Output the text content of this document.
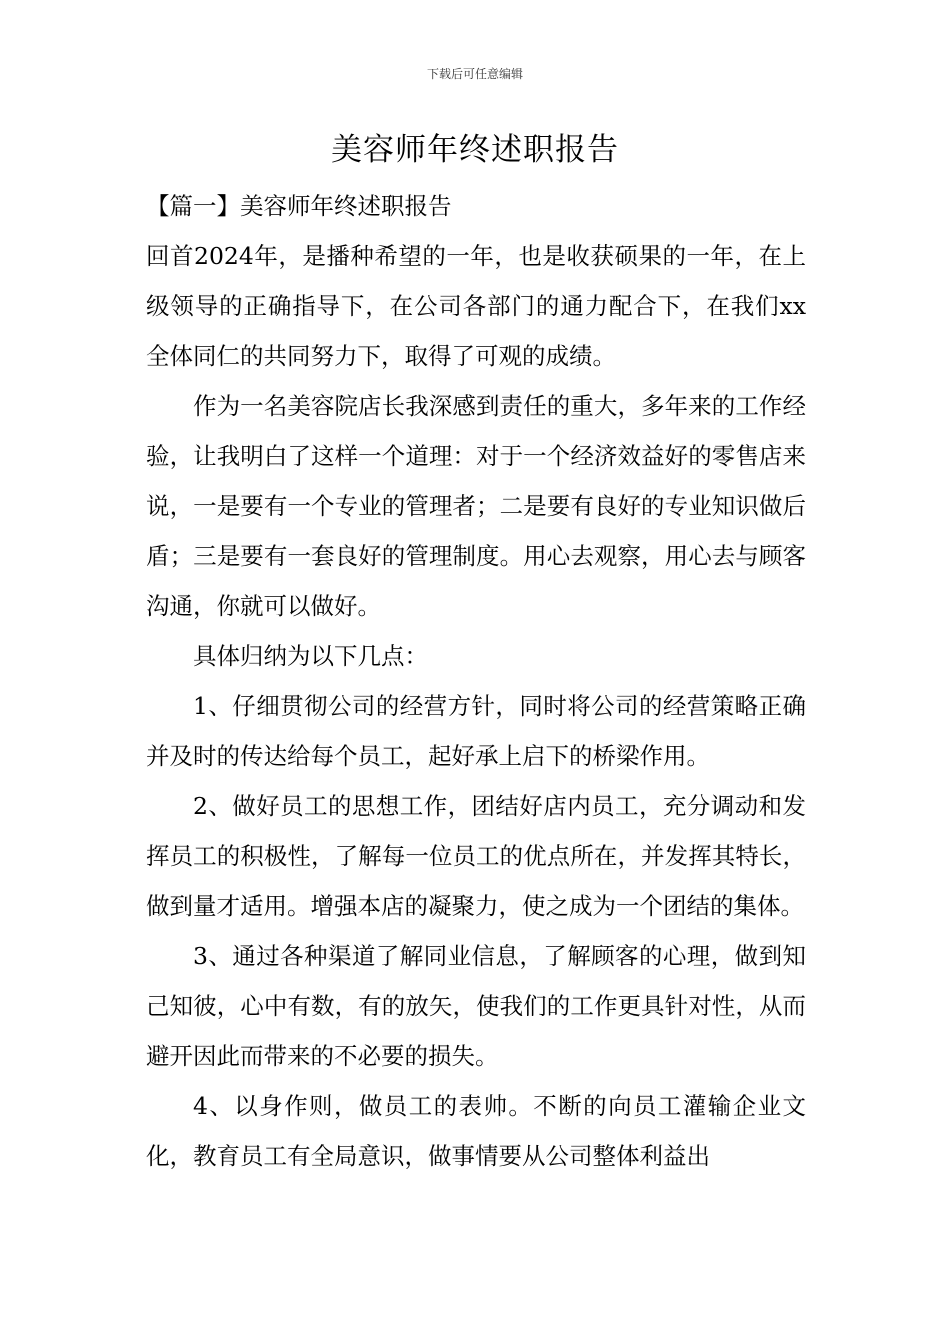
下载后可任意编辑
美容师年终述职报告

【篇一】美容师年终述职报告

回首2024年，是播种希望的一年，也是收获硕果的一年，在上级领导的正确指导下，在公司各部门的通力配合下，在我们xx全体同仁的共同努力下，取得了可观的成绩。

作为一名美容院店长我深感到责任的重大，多年来的工作经验，让我明白了这样一个道理：对于一个经济效益好的零售店来说，一是要有一个专业的管理者；二是要有良好的专业知识做后盾；三是要有一套良好的管理制度。用心去观察，用心去与顾客沟通，你就可以做好。

具体归纳为以下几点：

1、仔细贯彻公司的经营方针，同时将公司的经营策略正确并及时的传达给每个员工，起好承上启下的桥梁作用。

2、做好员工的思想工作，团结好店内员工，充分调动和发挥员工的积极性，了解每一位员工的优点所在，并发挥其特长，做到量才适用。增强本店的凝聚力，使之成为一个团结的集体。

3、通过各种渠道了解同业信息，了解顾客的心理，做到知己知彼，心中有数，有的放矢，使我们的工作更具针对性，从而避开因此而带来的不必要的损失。

4、以身作则，做员工的表帅。不断的向员工灌输企业文化，教育员工有全局意识，做事情要从公司整体利益出
